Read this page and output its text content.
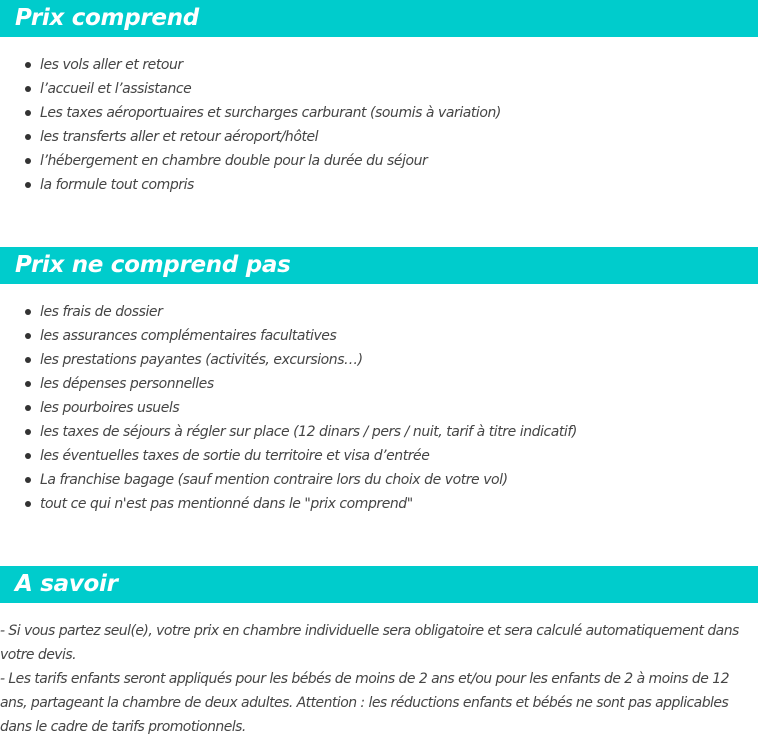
Prix comprend
les vols aller et retour
l’accueil et l’assistance
Les taxes aéroportuaires et surcharges carburant (soumis à variation)
les transferts aller et retour aéroport/hôtel
l’hébergement en chambre double pour la durée du séjour
la formule tout compris
Prix ne comprend pas
les frais de dossier
les assurances complémentaires facultatives
les prestations payantes (activités, excursions…)
les dépenses personnelles
les pourboires usuels
les taxes de séjours à régler sur place (12 dinars / pers / nuit, tarif à titre indicatif)
les éventuelles taxes de sortie du territoire et visa d’entrée
La franchise bagage (sauf mention contraire lors du choix de votre vol)
tout ce qui n'est pas mentionné dans le "prix comprend"
A savoir

- Si vous partez seul(e), votre prix en chambre individuelle sera obligatoire et sera calculé automatiquement dans votre devis.

- Les tarifs enfants seront appliqués pour les bébés de moins de 2 ans et/ou pour les enfants de 2 à moins de 12 ans, partageant la chambre de deux adultes. Attention : les réductions enfants et bébés ne sont pas applicables dans le cadre de tarifs promotionnels.
